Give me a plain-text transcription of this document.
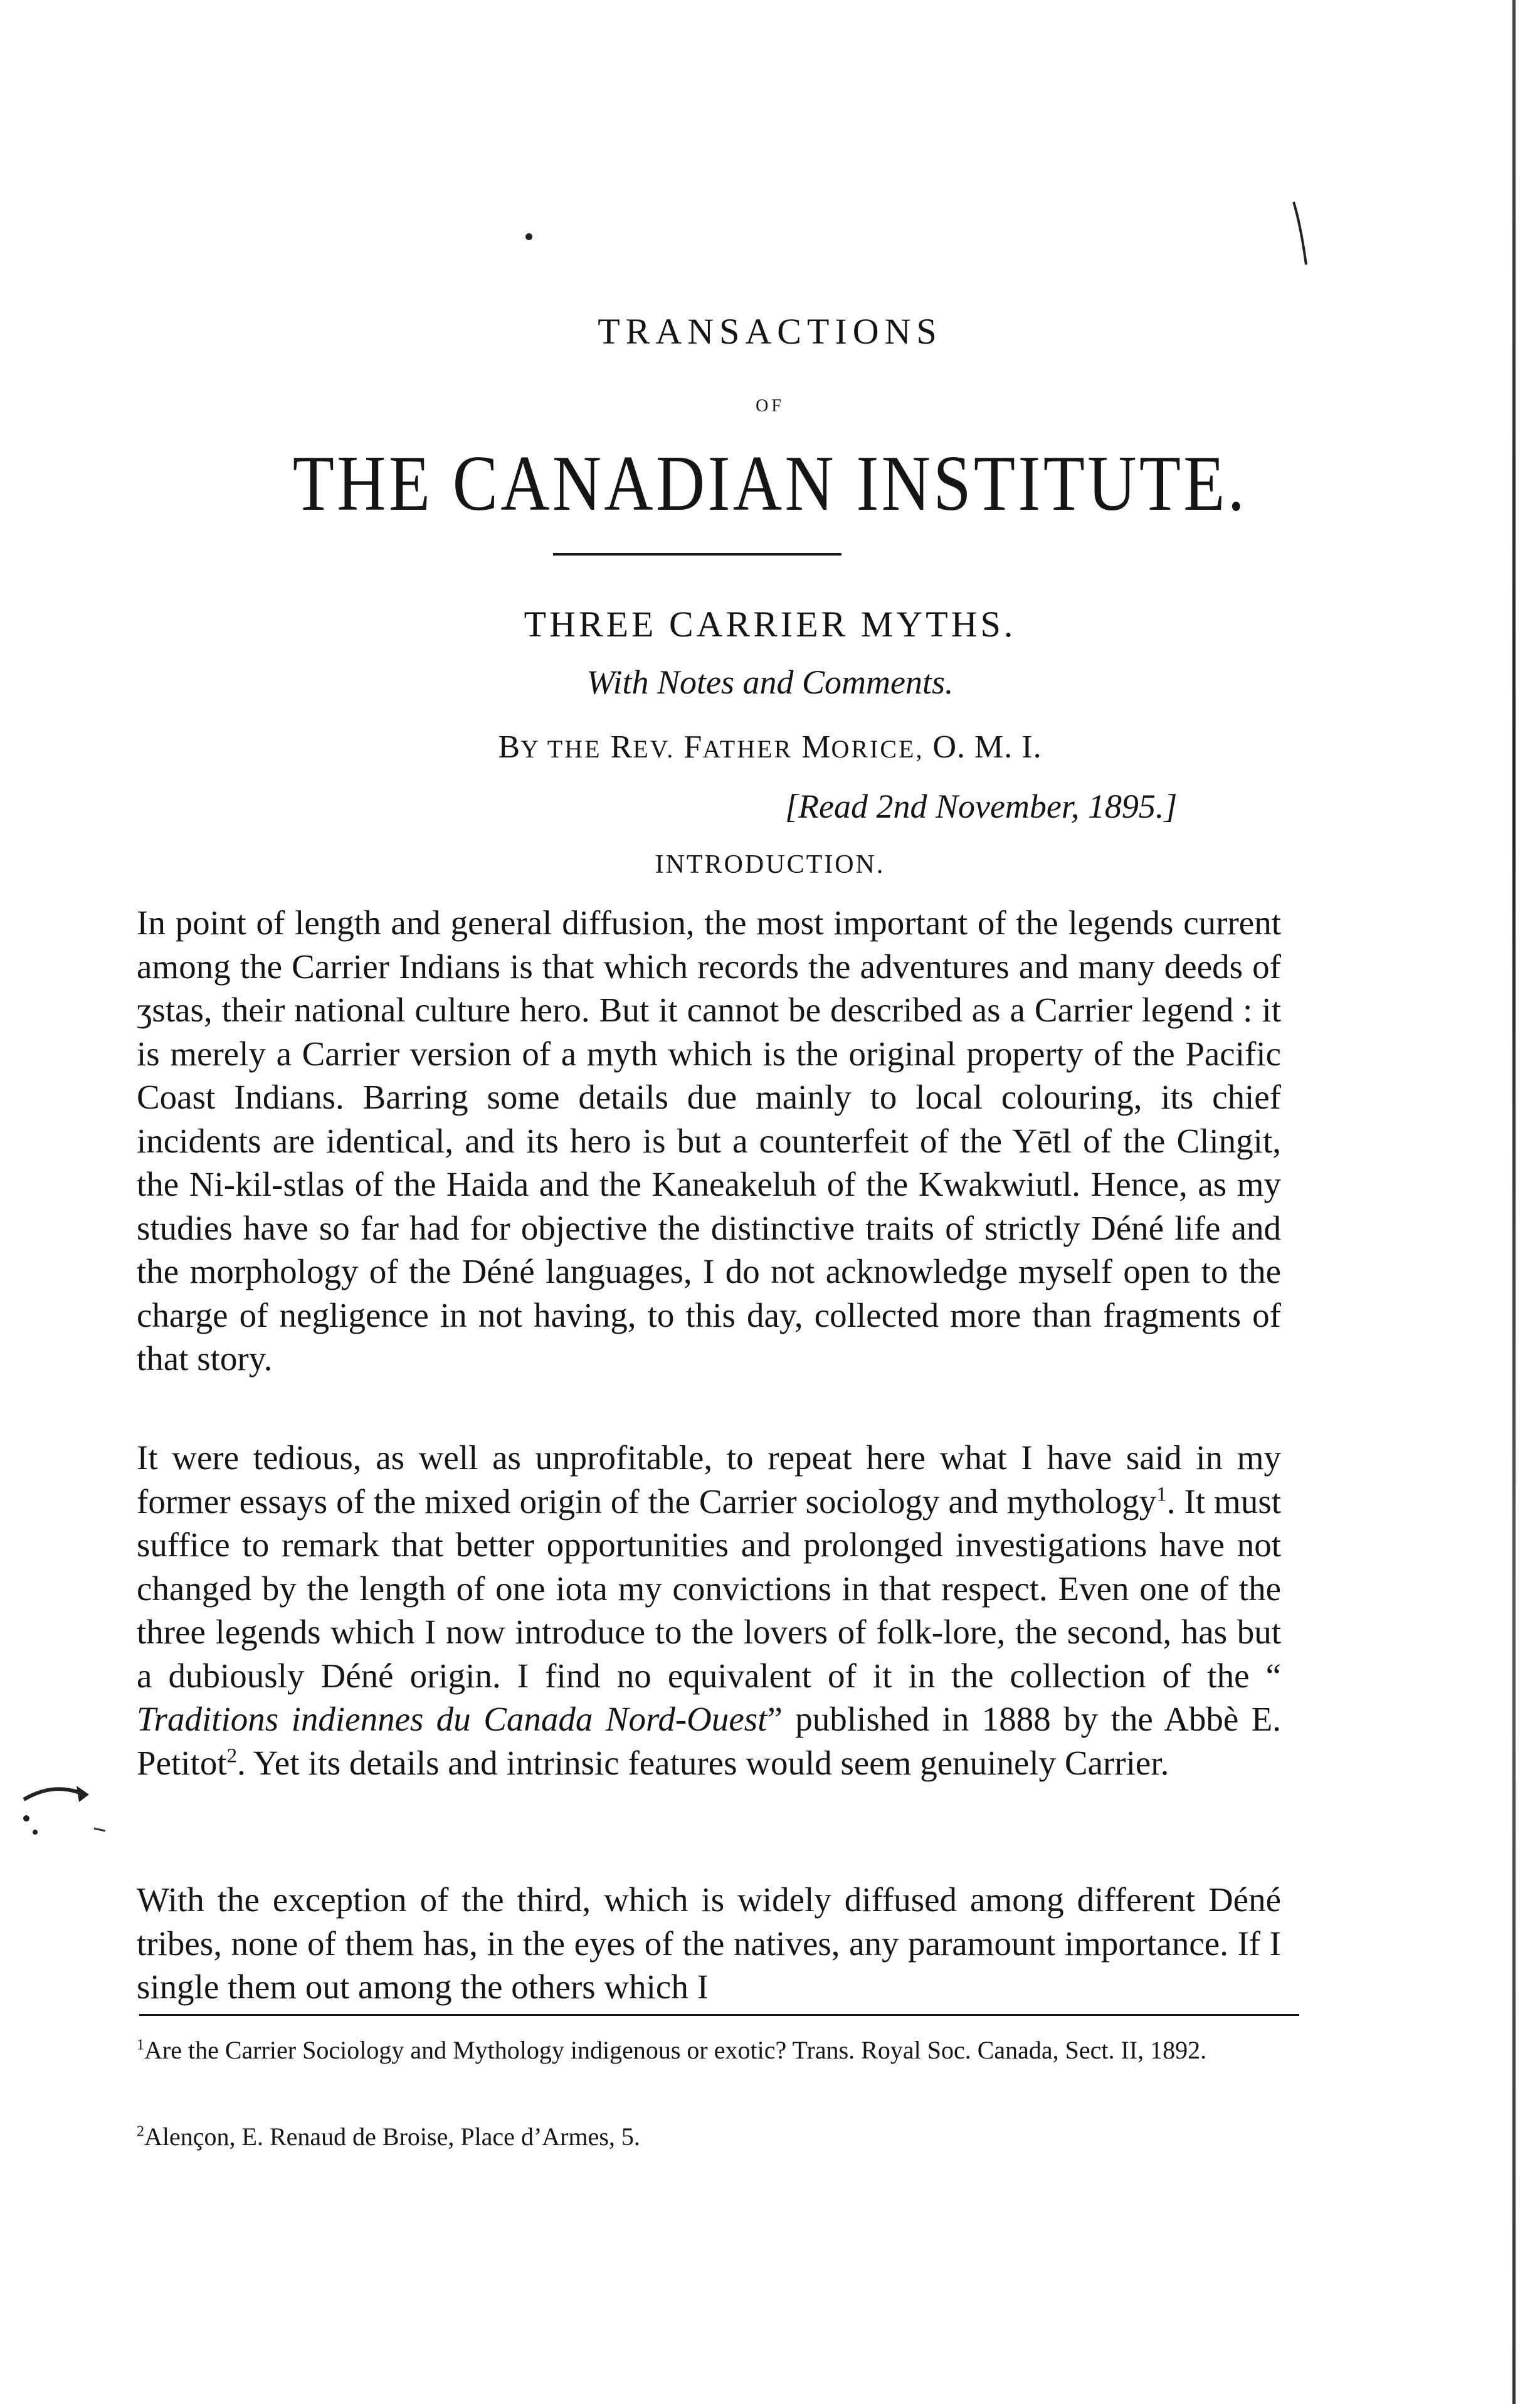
TRANSACTIONS
OF
THE CANADIAN INSTITUTE.
THREE CARRIER MYTHS.
With Notes and Comments.
BY THE REV. FATHER MORICE, O. M. I.
[Read 2nd November, 1895.]
INTRODUCTION.
In point of length and general diffusion, the most important of the legends current among the Carrier Indians is that which records the adventures and many deeds of ʒstas, their national culture hero. But it cannot be described as a Carrier legend : it is merely a Carrier version of a myth which is the original property of the Pacific Coast Indians. Barring some details due mainly to local colouring, its chief incidents are identical, and its hero is but a counterfeit of the Yētl of the Clingit, the Ni-kil-stlas of the Haida and the Kaneakeluh of the Kwakwiutl. Hence, as my studies have so far had for objective the distinctive traits of strictly Déné life and the morphology of the Déné languages, I do not acknowledge myself open to the charge of negligence in not having, to this day, collected more than fragments of that story.
It were tedious, as well as unprofitable, to repeat here what I have said in my former essays of the mixed origin of the Carrier sociology and mythology$^1$. It must suffice to remark that better opportunities and prolonged investigations have not changed by the length of one iota my convictions in that respect. Even one of the three legends which I now introduce to the lovers of folk-lore, the second, has but a dubiously Déné origin. I find no equivalent of it in the collection of the “ Traditions indiennes du Canada Nord-Ouest” published in 1888 by the Abbè E. Petitot$^2$. Yet its details and intrinsic features would seem genuinely Carrier.
With the exception of the third, which is widely diffused among different Déné tribes, none of them has, in the eyes of the natives, any paramount importance. If I single them out among the others which I
$^1$Are the Carrier Sociology and Mythology indigenous or exotic? Trans. Royal Soc. Canada, Sect. II, 1892.
$^2$Alençon, E. Renaud de Broise, Place d’Armes, 5.
